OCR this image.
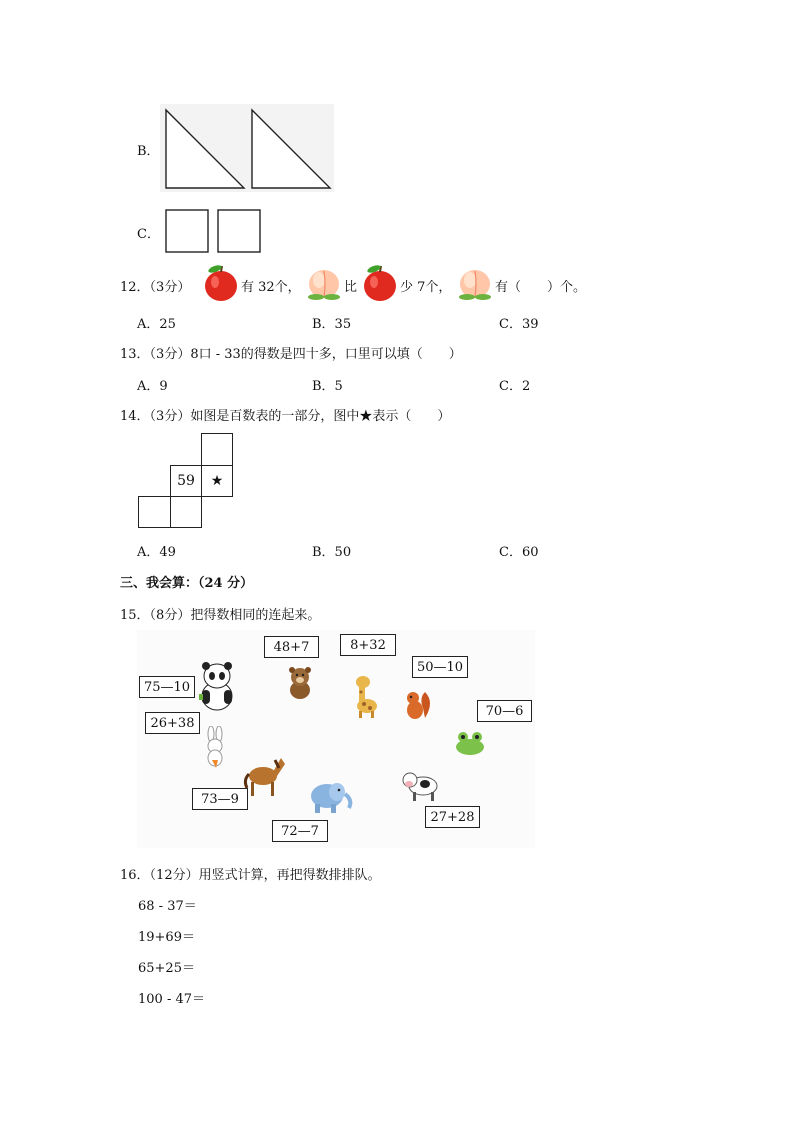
B．
C．
12．（3分）	有 32个，	比	少 7个，	有（　　）个。
A．25	B．35	C．39
13．（3分）8口 - 33的得数是四十多，口里可以填（　　）
A．9	B．5	C．2
14．（3分）如图是百数表的一部分，图中★表示（　　）
59 ★
A．49	B．50	C．60
三、我会算：（24 分）
15．（8分）把得数相同的连起来。
75—10
48+7	8+32
50—10
26+38
70—6
73—9
72—7
27+28
16．（12分）用竖式计算，再把得数排排队。
68 - 37＝
19+69＝
65+25＝
100 - 47＝
